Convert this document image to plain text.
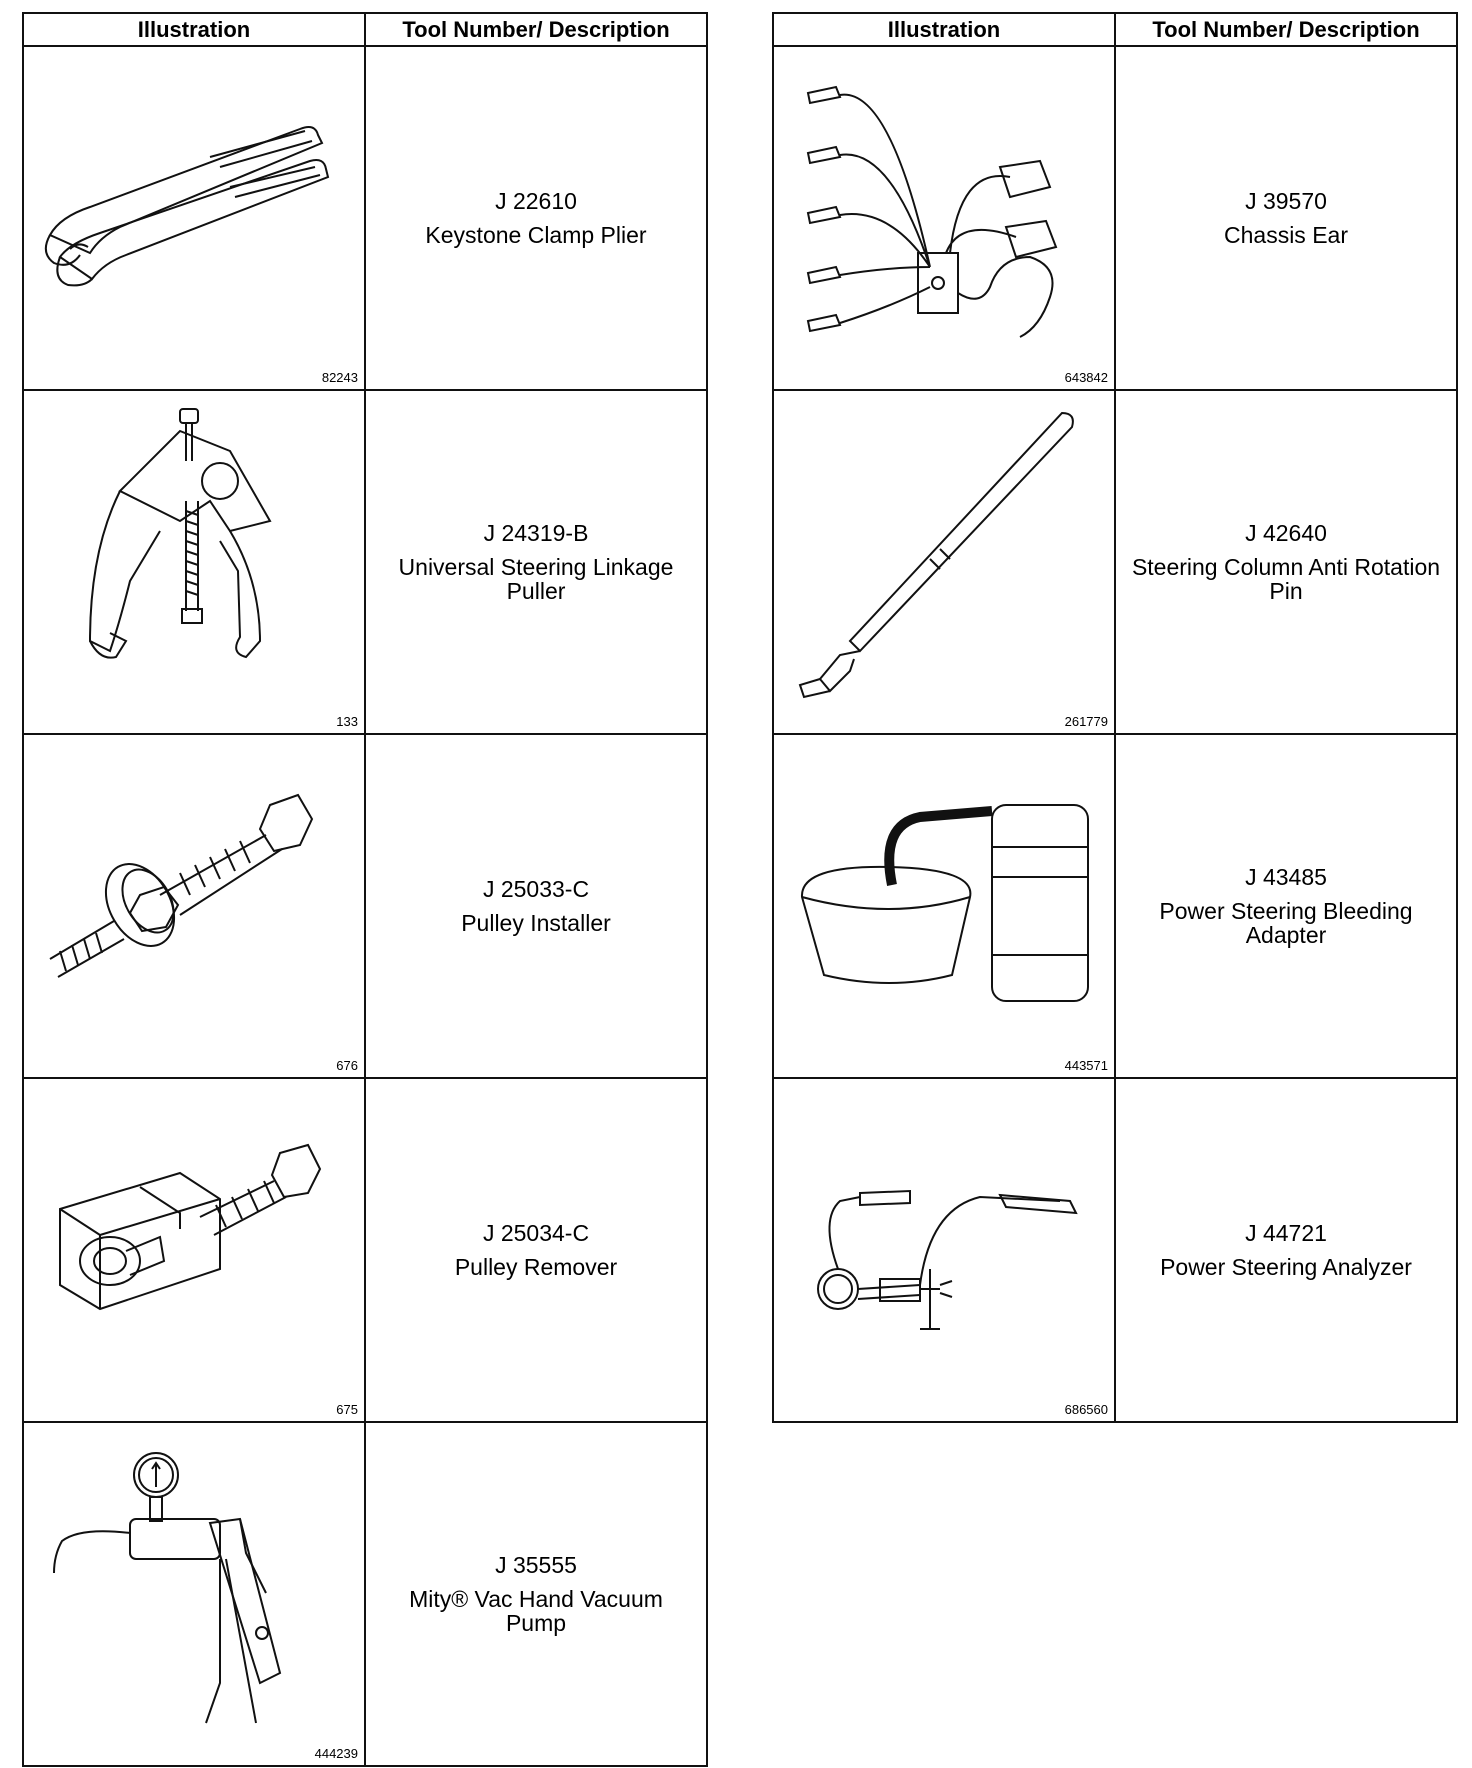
Illustration	Tool Number/ Description

82243	J 22610
Keystone Clamp Plier

133	J 24319-B
Universal Steering Linkage Puller

676	J 25033-C
Pulley Installer

675	J 25034-C
Pulley Remover

444239	J 35555
Mity® Vac Hand Vacuum Pump
Illustration	Tool Number/ Description

643842	J 39570
Chassis Ear

261779	J 42640
Steering Column Anti Rotation Pin

443571	J 43485
Power Steering Bleeding Adapter

686560	J 44721
Power Steering Analyzer
